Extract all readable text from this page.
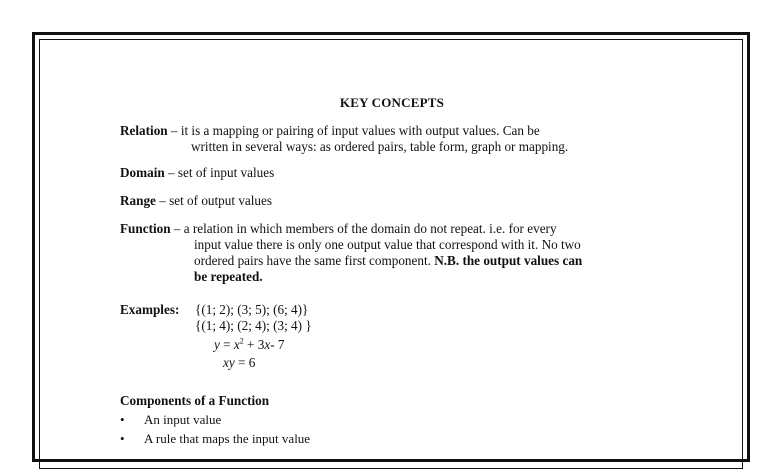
KEY CONCEPTS
Relation – it is a mapping or pairing of input values with output values. Can be
written in several ways: as ordered pairs, table form, graph or mapping.
Domain – set of input values
Range – set of output values
Function – a relation in which members of the domain do not repeat. i.e. for every
input value there is only one output value that correspond with it. No two
ordered pairs have the same first component. N.B. the output values can
be repeated.
Examples: {(1; 2); (3; 5); (6; 4)}
{(1; 4); (2; 4); (3; 4) }
$y = x^2 + 3x-$ 7
xy = 6
Components of a Function
• An input value
• A rule that maps the input value
